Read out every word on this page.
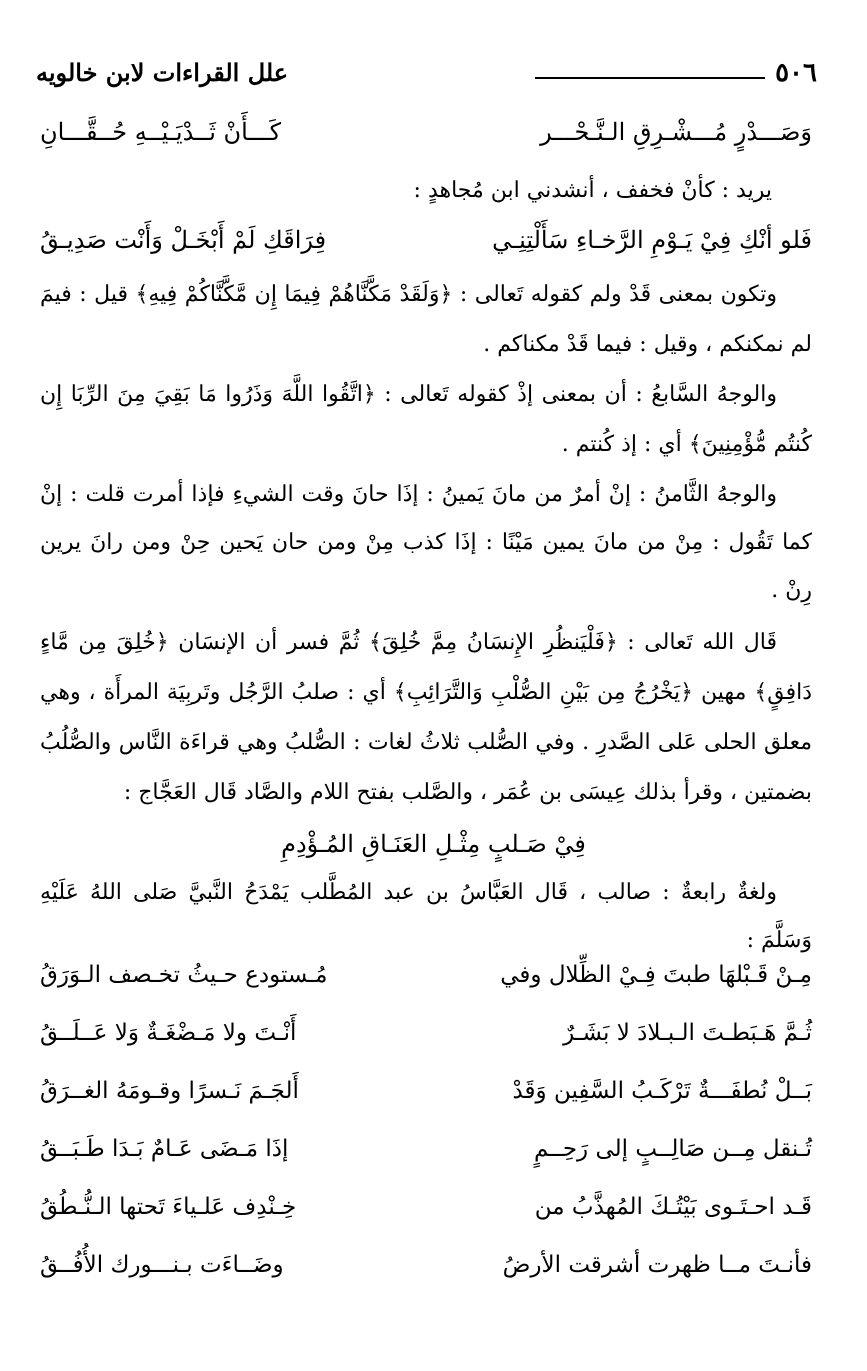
٥٠٦
علل القراءات لابن خالويه
وَصَـــدْرٍ مُـــشْـرِقِ الـنَّـحْـــر
كَـــأَنْ ثَــدْيَـيْــهِ حُــقَّـــانِ
يريد : كأنْ فخفف ، أنشدني ابن مُجاهدٍ :
فَلو أنْكِ فِيْ يَـوْمِ الرَّخـاءِ سَأَلْتِنِـي
فِرَاقَكِ لَمْ أَبْخَـلْ وَأَنْت صَدِيـقُ
وتكون بمعنى قَدْ ولم كقوله تَعالى : ﴿وَلَقَدْ مَكَّنَّاهُمْ فِيمَا إِن مَّكَّنَّاكُمْ فِيهِ﴾ قيل : فيمَ
لم نمكنكم ، وقيل : فيما قَدْ مكناكم .
والوجهُ السَّابعُ : أن بمعنى إذْ كقوله تَعالى : ﴿اتَّقُوا اللَّهَ وَذَرُوا مَا بَقِيَ مِنَ الرِّبَا إِن
كُنتُم مُّؤْمِنِينَ﴾ أي : إذ كُنتم .
والوجهُ الثَّامنُ : إنْ أمرٌ من مانَ يَمينُ : إذَا حانَ وقت الشيءِ فإذا أمرت قلت : إنْ
كما تَقُول : مِنْ من مانَ يمين مَيْنًا : إذَا كذب مِنْ ومن حان يَحين حِنْ ومن رانَ يرين
رِنْ .
قَال الله تَعالى : ﴿فَلْيَنظُرِ الإِنسَانُ مِمَّ خُلِقَ﴾ ثُمَّ فسر أن الإنسَان ﴿خُلِقَ مِن مَّاءٍ
دَافِقٍ﴾ مهين ﴿يَخْرُجُ مِن بَيْنِ الصُّلْبِ وَالتَّرَائِبِ﴾ أي : صلبُ الرَّجُل وتَربِيَة المرأَة ، وهي
معلق الحلى عَلى الصَّدرِ . وفي الصُّلب ثلاثُ لغات : الصُّلبُ وهي قراءَة النَّاس والصُّلُبُ
بضمتين ، وقرأ بذلك عِيسَى بن عُمَر ، والصَّلب بفتح اللام والصَّاد قَال العَجَّاج :
فِيْ صَـلبٍ مِثْـلِ العَنَـاقِ المُـؤْدِمِ
ولغةٌ رابعةٌ : صالب ، قَال العَبَّاسُ بن عبد المُطَّلب يَمْدَحُ النَّبيَّ صَلى اللهُ عَلَيْهِ
وَسَلَّمَ :
مِـنْ قَـبْلهَا طبتَ فِـيْ الظِّلال وفي
مُـستودع حـيثُ تخـصف الـوَرَقُ
ثُـمَّ هَـبَطـتَ الـبـلادَ لا بَشَـرٌ
أَنْـتَ ولا مَـضْغَـةٌ وَلا عَــلَــقُ
بَــلْ نُطفَـــةٌ تَرْكَـبُ السَّفِين وَقَدْ
أَلجَـمَ نَـسرًا وقـومَهُ الغــرَقُ
تُـنقل مِــن صَالِــبٍ إلى رَحِــمٍ
إذَا مَـضَى عَـامٌ بَـدَا طَـبَــقُ
قَـد احـتَـوى بَيْتُـكَ المُهذَّبُ من
خِـنْدِف عَلـياءَ تَحتها الـنُّـطُقُ
فأنـتَ مــا ظهرت أشرقت الأرضُ
وضَــاءَت بـنـــورك الأُفُــقُ
